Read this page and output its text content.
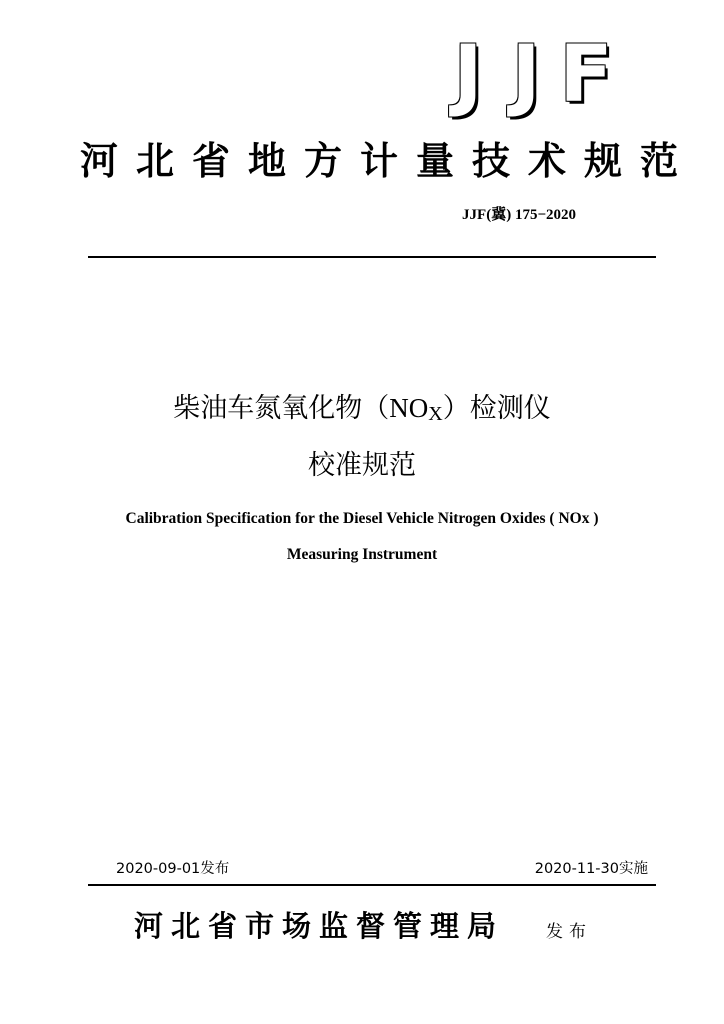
J J F
河北省地方计量技术规范
JJF(冀) 175−2020
柴油车氮氧化物$(NO_X)$检测仪
校准规范
Calibration Specification for the Diesel Vehicle Nitrogen Oxides ( NOx )
Measuring Instrument
2020-09-01发布	2020-11-30实施
河北省市场监督管理局 发布
